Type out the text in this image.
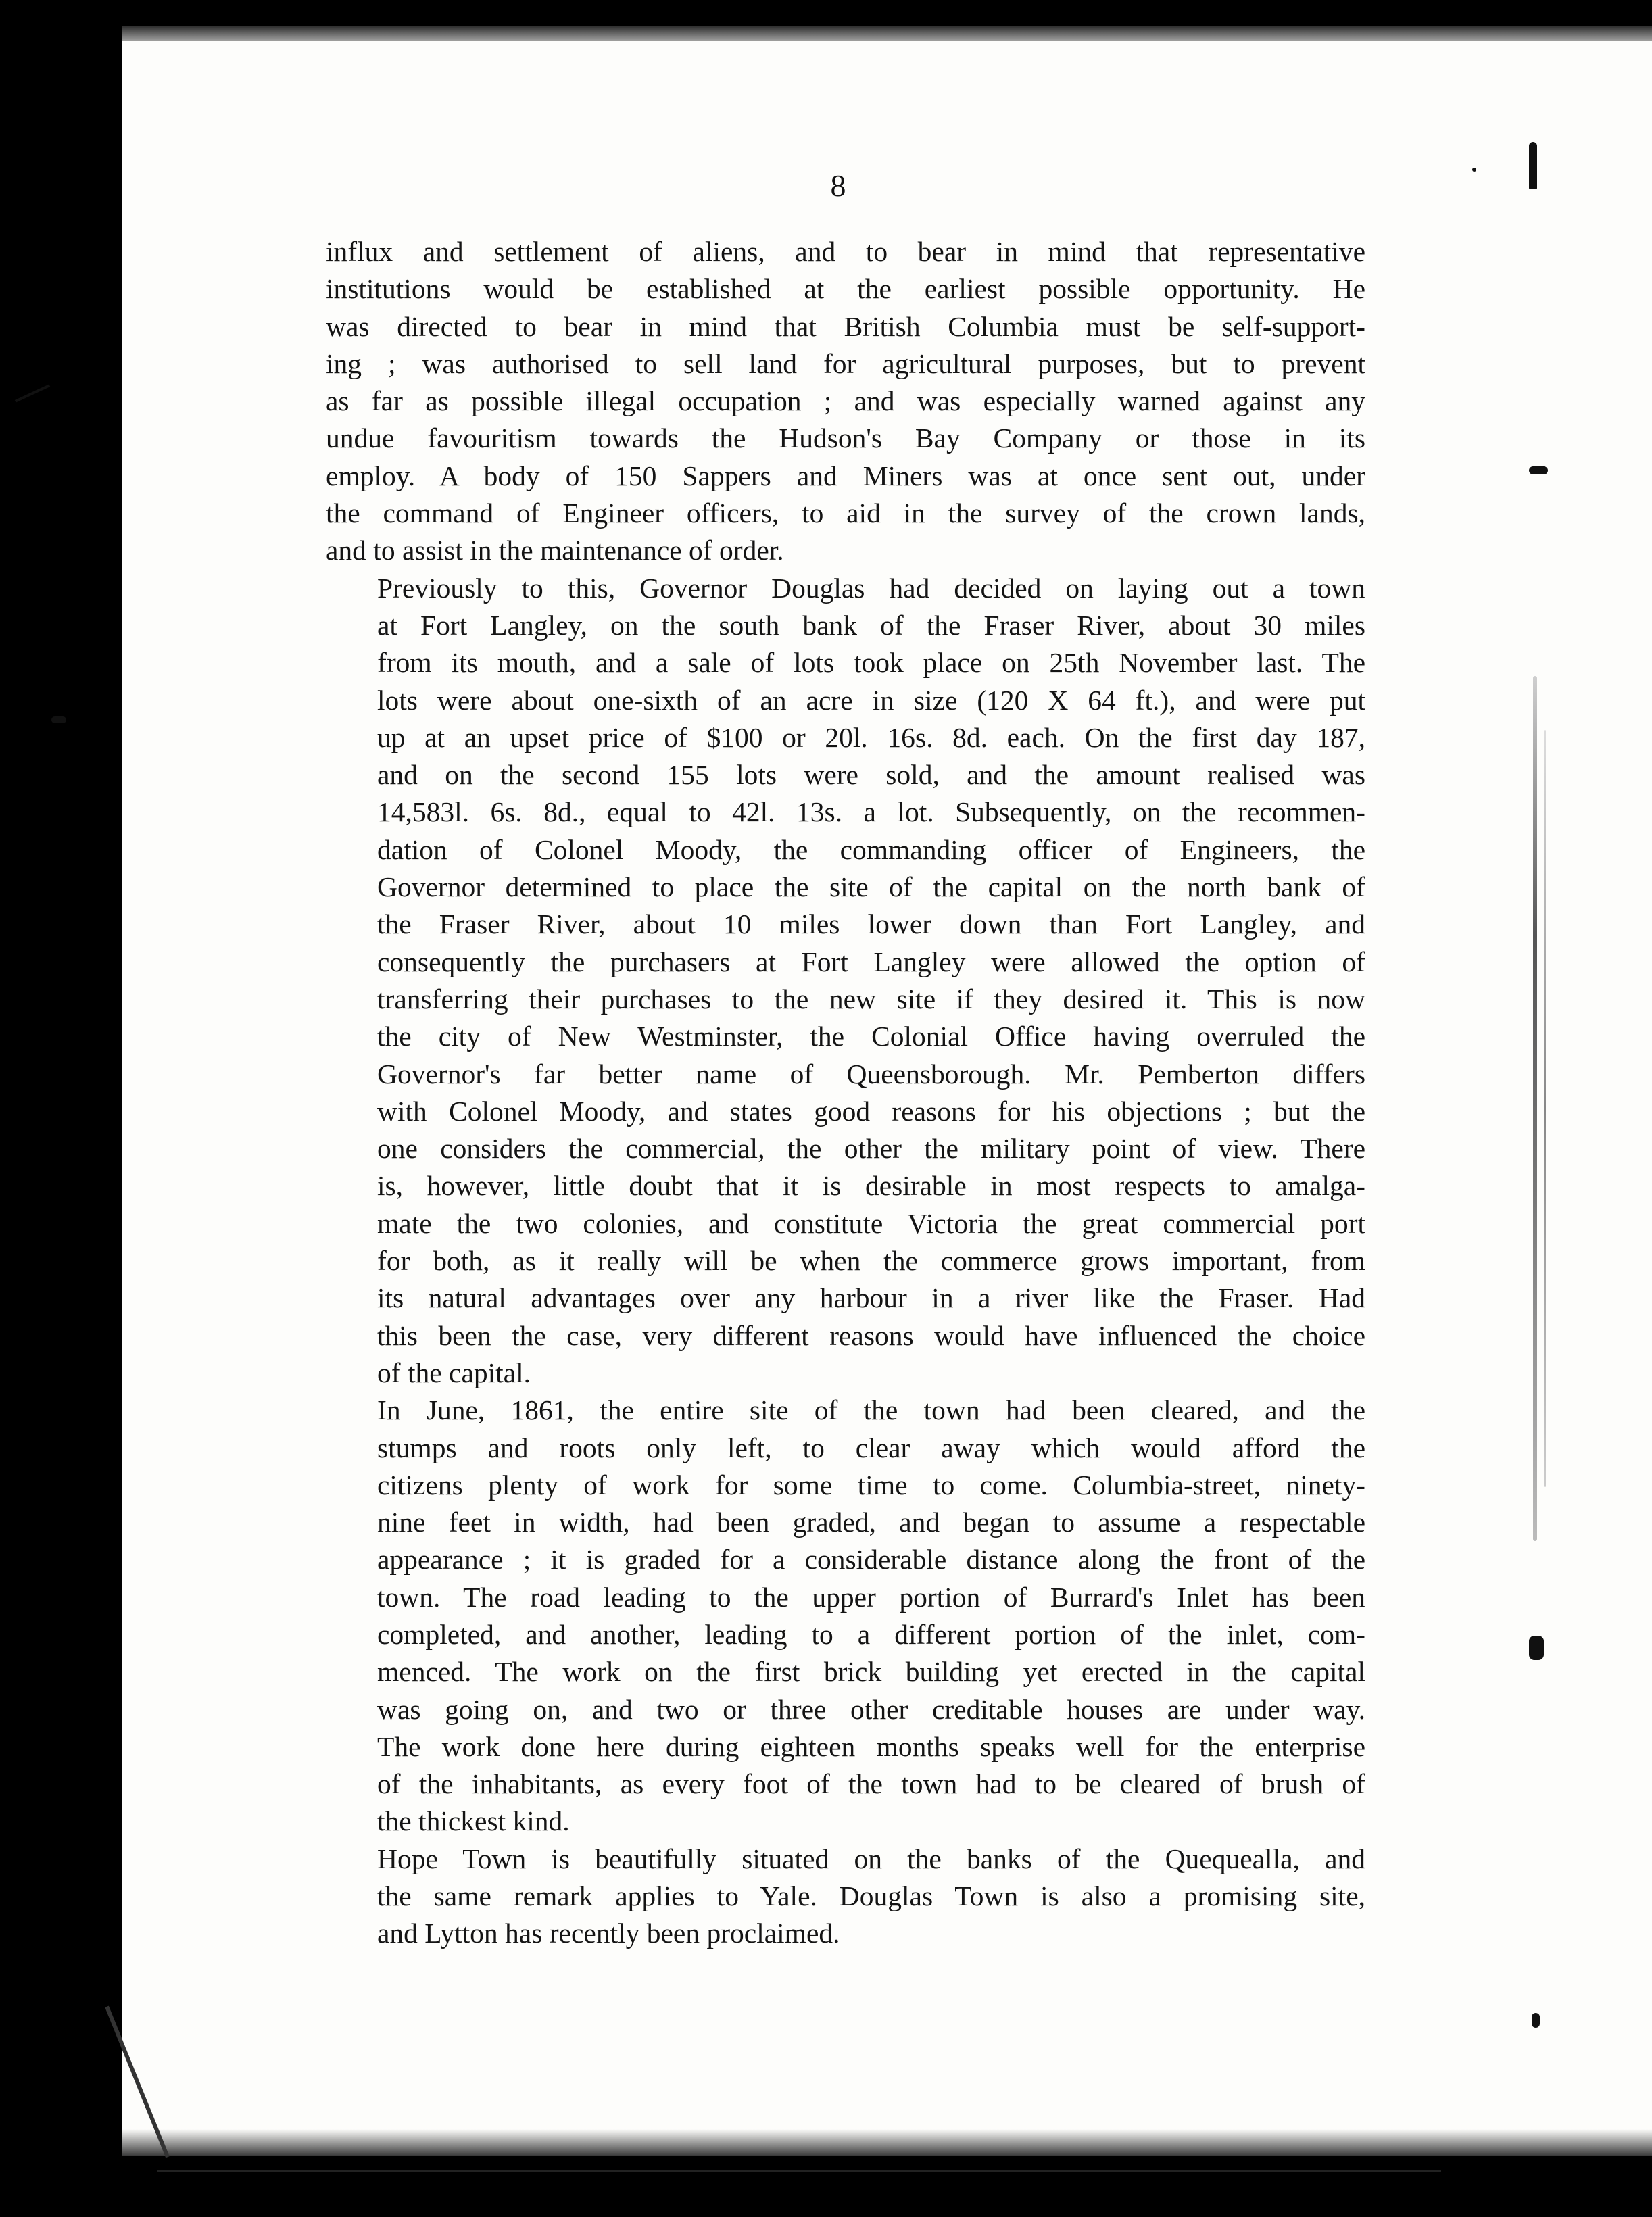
8

influx and settlement of aliens, and to bear in mind that representative
institutions would be established at the earliest possible opportunity. He
was directed to bear in mind that British Columbia must be self-support-
ing ; was authorised to sell land for agricultural purposes, but to prevent
as far as possible illegal occupation ; and was especially warned against any
undue favouritism towards the Hudson's Bay Company or those in its
employ. A body of 150 Sappers and Miners was at once sent out, under
the command of Engineer officers, to aid in the survey of the crown lands,
and to assist in the maintenance of order.

Previously to this, Governor Douglas had decided on laying out a town
at Fort Langley, on the south bank of the Fraser River, about 30 miles
from its mouth, and a sale of lots took place on 25th November last. The
lots were about one-sixth of an acre in size (120 X 64 ft.), and were put
up at an upset price of $100 or 20l. 16s. 8d. each. On the first day 187,
and on the second 155 lots were sold, and the amount realised was
14,583l. 6s. 8d., equal to 42l. 13s. a lot. Subsequently, on the recommen-
dation of Colonel Moody, the commanding officer of Engineers, the
Governor determined to place the site of the capital on the north bank of
the Fraser River, about 10 miles lower down than Fort Langley, and
consequently the purchasers at Fort Langley were allowed the option of
transferring their purchases to the new site if they desired it. This is now
the city of New Westminster, the Colonial Office having overruled the
Governor's far better name of Queensborough. Mr. Pemberton differs
with Colonel Moody, and states good reasons for his objections ; but the
one considers the commercial, the other the military point of view. There
is, however, little doubt that it is desirable in most respects to amalga-
mate the two colonies, and constitute Victoria the great commercial port
for both, as it really will be when the commerce grows important, from
its natural advantages over any harbour in a river like the Fraser. Had
this been the case, very different reasons would have influenced the choice
of the capital.

In June, 1861, the entire site of the town had been cleared, and the
stumps and roots only left, to clear away which would afford the
citizens plenty of work for some time to come. Columbia-street, ninety-
nine feet in width, had been graded, and began to assume a respectable
appearance ; it is graded for a considerable distance along the front of the
town. The road leading to the upper portion of Burrard's Inlet has been
completed, and another, leading to a different portion of the inlet, com-
menced. The work on the first brick building yet erected in the capital
was going on, and two or three other creditable houses are under way.
The work done here during eighteen months speaks well for the enterprise
of the inhabitants, as every foot of the town had to be cleared of brush of
the thickest kind.

Hope Town is beautifully situated on the banks of the Quequealla, and
the same remark applies to Yale. Douglas Town is also a promising site,
and Lytton has recently been proclaimed.
